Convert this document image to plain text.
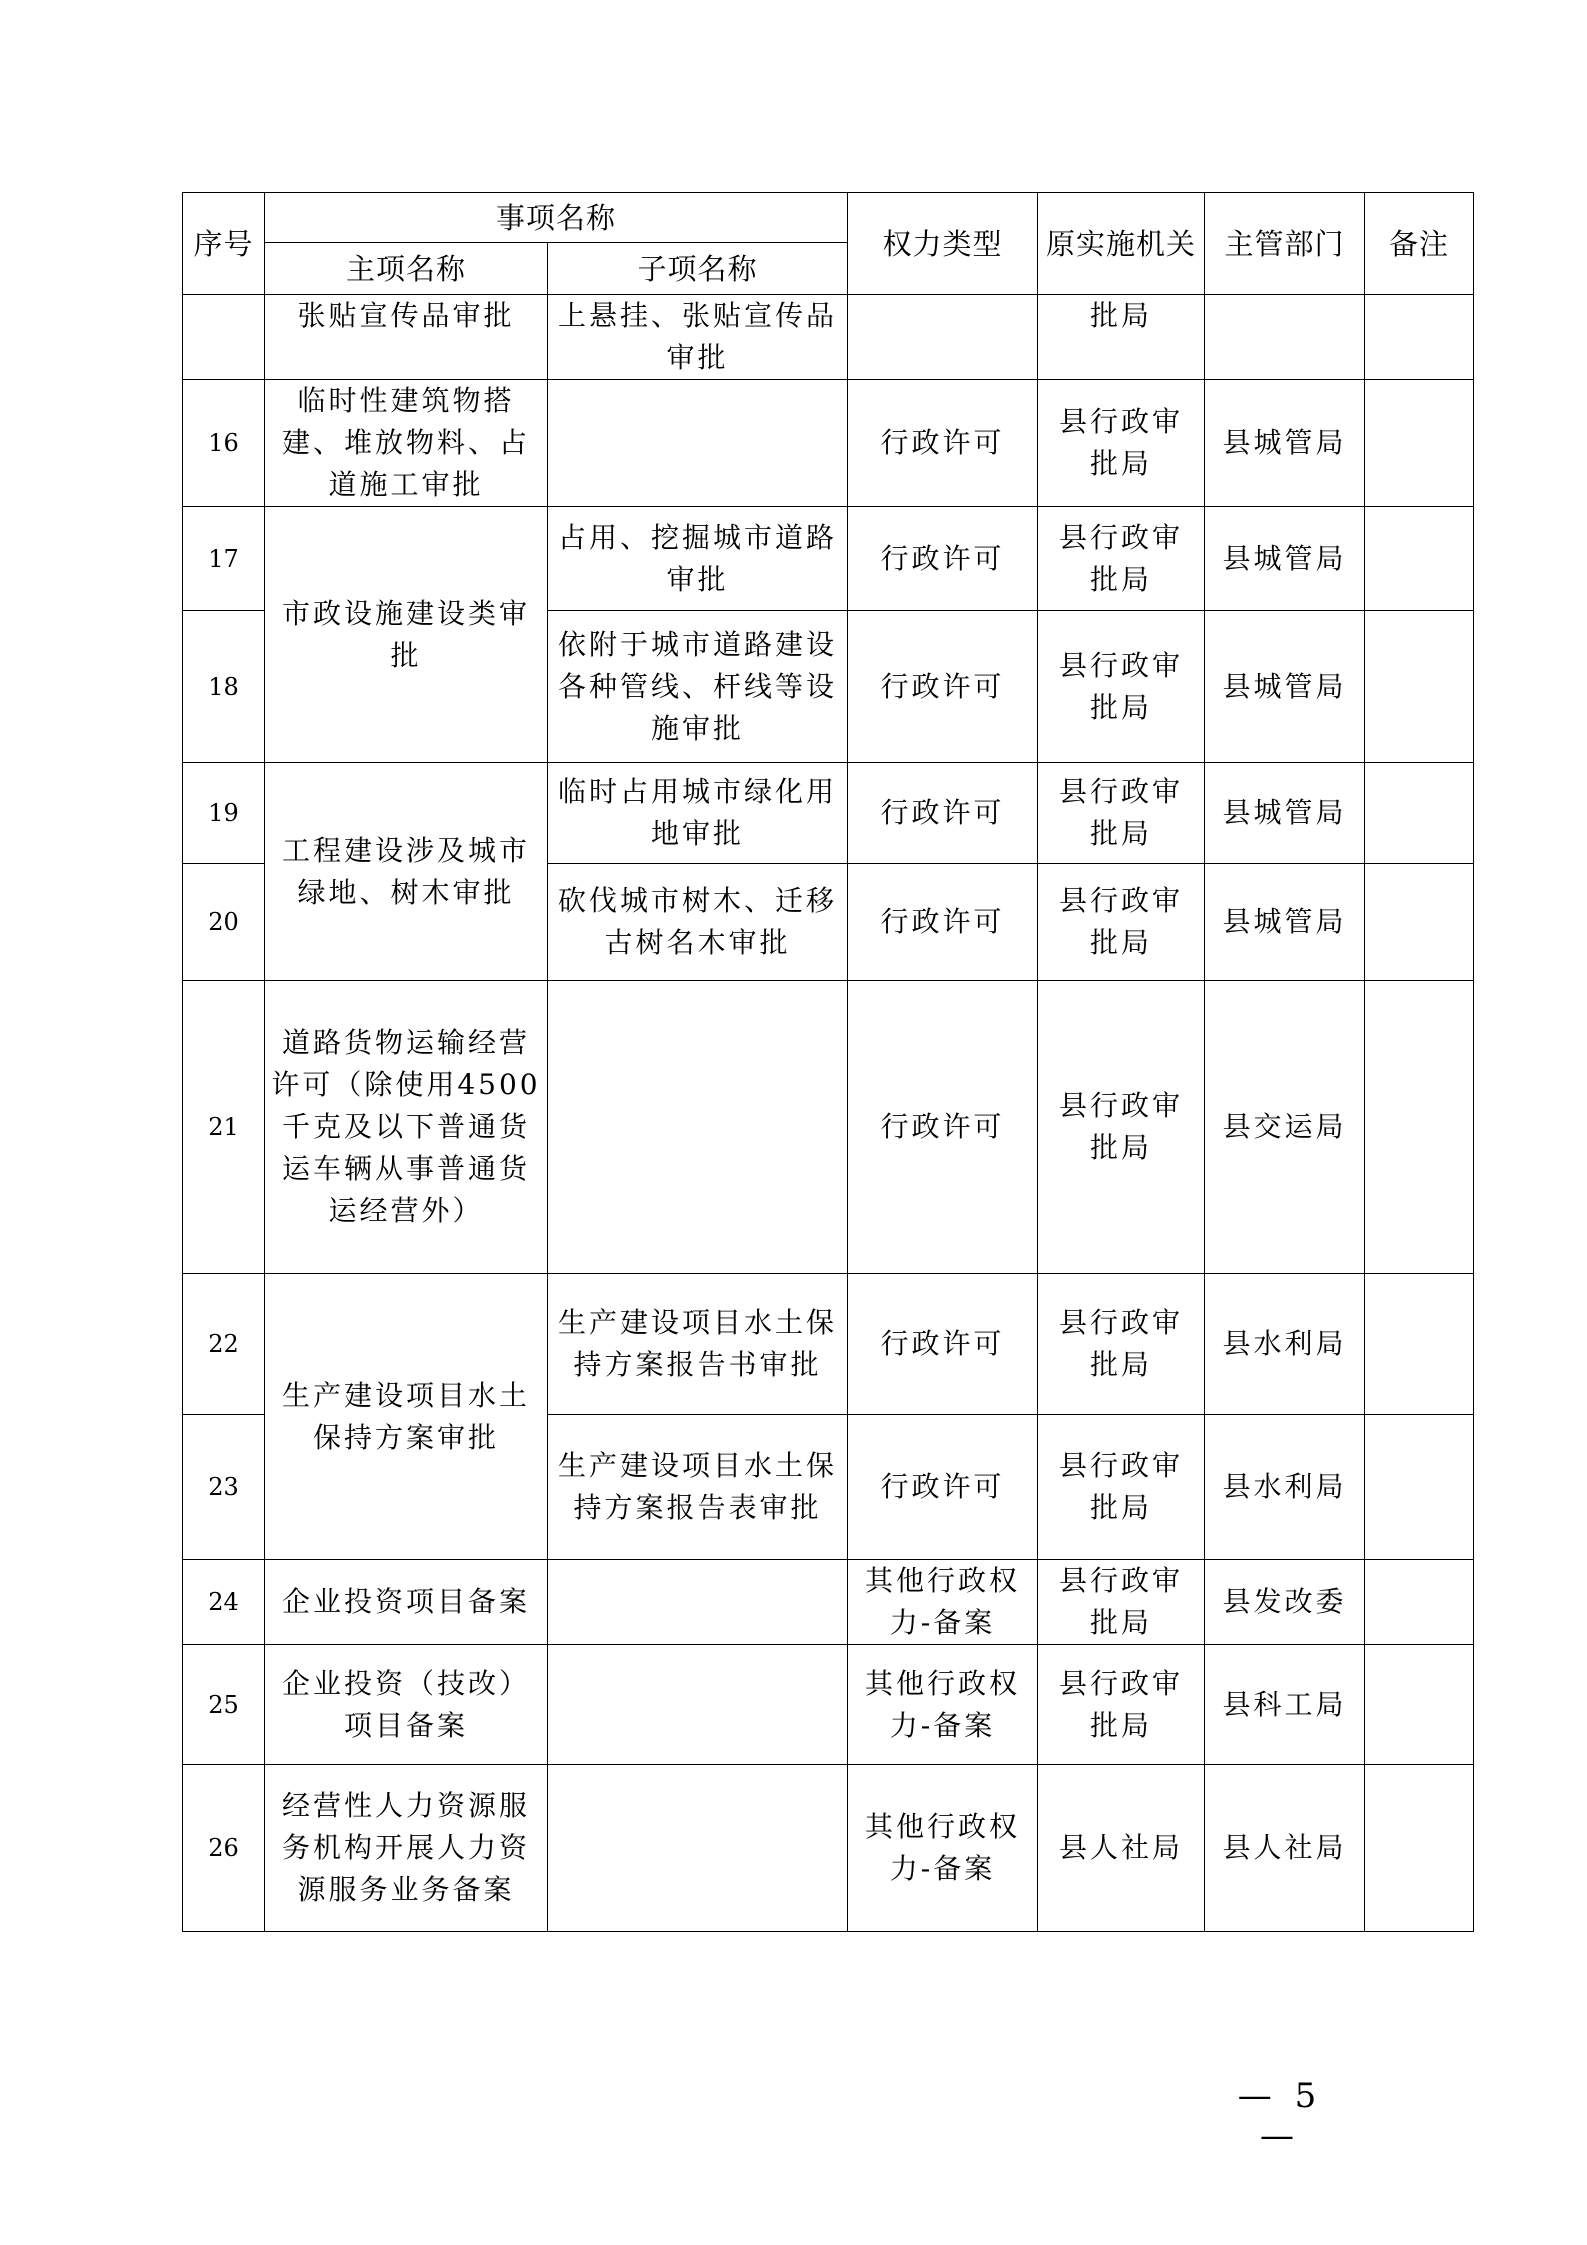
序号	事项名称		权力类型	原实施机关	主管部门	备注
	主项名称	子项名称				
	张贴宣传品审批	上悬挂、张贴宣传品审批		批局		
16	临时性建筑物搭建、堆放物料、占道施工审批		行政许可	县行政审批局	县城管局	
17	市政设施建设类审批	占用、挖掘城市道路审批	行政许可	县行政审批局	县城管局	
18		依附于城市道路建设各种管线、杆线等设施审批	行政许可	县行政审批局	县城管局	
19	工程建设涉及城市绿地、树木审批	临时占用城市绿化用地审批	行政许可	县行政审批局	县城管局	
20		砍伐城市树木、迁移古树名木审批	行政许可	县行政审批局	县城管局	
21	道路货物运输经营许可（除使用4500千克及以下普通货运车辆从事普通货运经营外）		行政许可	县行政审批局	县交运局	
22	生产建设项目水土保持方案审批	生产建设项目水土保持方案报告书审批	行政许可	县行政审批局	县水利局	
23		生产建设项目水土保持方案报告表审批	行政许可	县行政审批局	县水利局	
24	企业投资项目备案		其他行政权力-备案	县行政审批局	县发改委	
25	企业投资（技改）项目备案		其他行政权力-备案	县行政审批局	县科工局	
26	经营性人力资源服务机构开展人力资源服务业务备案		其他行政权力-备案	县人社局	县人社局	
— 5 —
